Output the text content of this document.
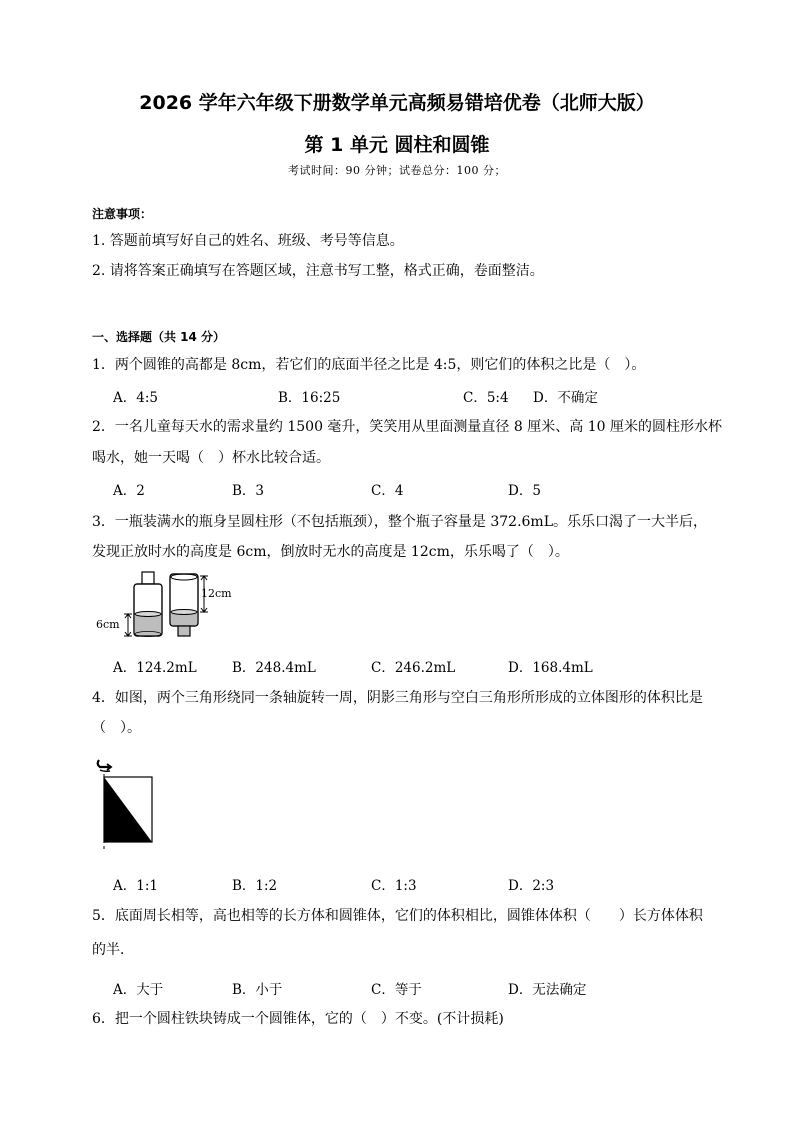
2026 学年六年级下册数学单元高频易错培优卷（北师大版）
第 1 单元 圆柱和圆锥
考试时间：90 分钟；试卷总分：100 分；
注意事项：
1. 答题前填写好自己的姓名、班级、考号等信息。
2. 请将答案正确填写在答题区域，注意书写工整，格式正确，卷面整洁。
一、选择题（共 14 分）
1．两个圆锥的高都是 8cm，若它们的底面半径之比是 4:5，则它们的体积之比是（　）。
A．4:5	B．16:25	C．5:4 D．不确定
2．一名儿童每天水的需求量约 1500 毫升，笑笑用从里面测量直径 8 厘米、高 10 厘米的圆柱形水杯
喝水，她一天喝（　）杯水比较合适。
A．2	B．3	C．4	D．5
3．一瓶装满水的瓶身呈圆柱形（不包括瓶颈），整个瓶子容量是 372.6mL。乐乐口渴了一大半后，
发现正放时水的高度是 6cm，倒放时无水的高度是 12cm，乐乐喝了（　）。
12cm
6cm
A．124.2mL	B．248.4mL	C．246.2mL	D．168.4mL
4．如图，两个三角形绕同一条轴旋转一周，阴影三角形与空白三角形所形成的立体图形的体积比是
（　）。
A．1:1	B．1:2	C．1:3	D．2:3
5．底面周长相等，高也相等的长方体和圆锥体，它们的体积相比，圆锥体体积（　　）长方体体积
的半．
A．大于	B．小于	C．等于	D．无法确定
6．把一个圆柱铁块铸成一个圆锥体，它的（　）不变。(不计损耗)
